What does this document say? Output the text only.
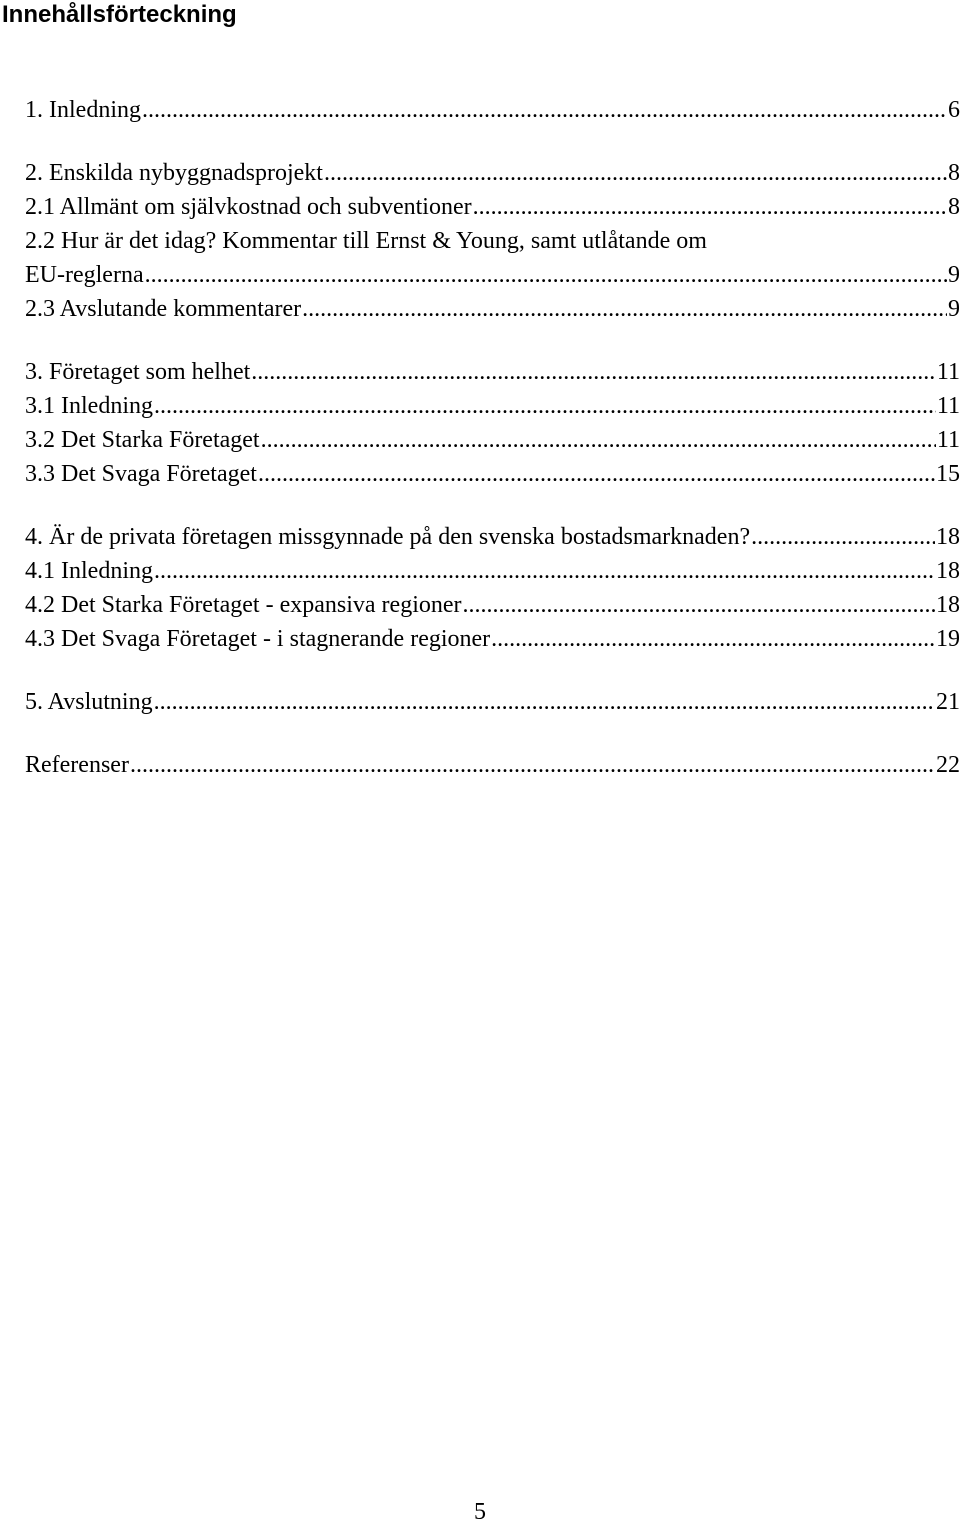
Innehållsförteckning
1. Inledning .....	6
2. Enskilda nybyggnadsprojekt .....	8
2.1 Allmänt om självkostnad och subventioner .....	8
2.2 Hur är det idag? Kommentar till Ernst & Young, samt utlåtande om
EU-reglerna .....	9
2.3 Avslutande kommentarer .....	9
3. Företaget som helhet .....	11
3.1 Inledning .....	11
3.2 Det Starka Företaget .....	11
3.3 Det Svaga Företaget .....	15
4. Är de privata företagen missgynnade på den svenska bostadsmarknaden? .....	18
4.1 Inledning .....	18
4.2 Det Starka Företaget - expansiva regioner .....	18
4.3 Det Svaga Företaget - i stagnerande regioner .....	19
5. Avslutning .....	21
Referenser .....	22
5
